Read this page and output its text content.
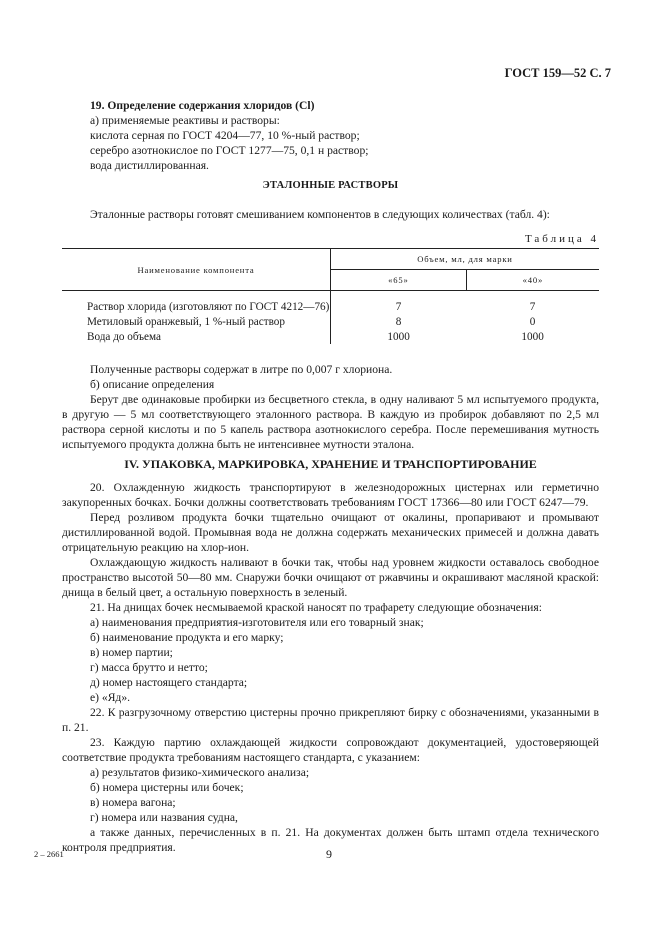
ГОСТ 159—52 С. 7
19. Определение содержания хлоридов (Cl)
а) применяемые реактивы и растворы:
кислота серная по ГОСТ 4204—77, 10 %-ный раствор;
серебро азотнокислое по ГОСТ 1277—75, 0,1 н раствор;
вода дистиллированная.
ЭТАЛОННЫЕ РАСТВОРЫ
Эталонные растворы готовят смешиванием компонентов в следующих количествах (табл. 4):
Таблица 4
Наименование компонента	Объем, мл, для марки	
	«65»	«40»
Раствор хлорида (изготовляют по ГОСТ 4212—76)	7	7
Метиловый оранжевый, 1 %-ный раствор	8	0
Вода до объема	1000	1000
Полученные растворы содержат в литре по 0,007 г хлориона.
б) описание определения
Берут две одинаковые пробирки из бесцветного стекла, в одну наливают 5 мл испытуемого продукта, в другую — 5 мл соответствующего эталонного раствора. В каждую из пробирок добавляют по 2,5 мл раствора серной кислоты и по 5 капель раствора азотнокислого серебра. После перемешивания мутность испытуемого продукта должна быть не интенсивнее мутности эталона.
IV. УПАКОВКА, МАРКИРОВКА, ХРАНЕНИЕ И ТРАНСПОРТИРОВАНИЕ
20. Охлажденную жидкость транспортируют в железнодорожных цистернах или герметично закупоренных бочках. Бочки должны соответствовать требованиям ГОСТ 17366—80 или ГОСТ 6247—79.
Перед розливом продукта бочки тщательно очищают от окалины, пропаривают и промывают дистиллированной водой. Промывная вода не должна содержать механических примесей и должна давать отрицательную реакцию на хлор-ион.
Охлаждающую жидкость наливают в бочки так, чтобы над уровнем жидкости оставалось свободное пространство высотой 50—80 мм. Снаружи бочки очищают от ржавчины и окрашивают масляной краской: днища в белый цвет, а остальную поверхность в зеленый.
21. На днищах бочек несмываемой краской наносят по трафарету следующие обозначения:
а) наименования предприятия-изготовителя или его товарный знак;
б) наименование продукта и его марку;
в) номер партии;
г) масса брутто и нетто;
д) номер настоящего стандарта;
е) «Яд».
22. К разгрузочному отверстию цистерны прочно прикрепляют бирку с обозначениями, указанными в п. 21.
23. Каждую партию охлаждающей жидкости сопровождают документацией, удостоверяющей соответствие продукта требованиям настоящего стандарта, с указанием:
а) результатов физико-химического анализа;
б) номера цистерны или бочек;
в) номера вагона;
г) номера или названия судна,
а также данных, перечисленных в п. 21. На документах должен быть штамп отдела технического контроля предприятия.
2 – 2661	9
